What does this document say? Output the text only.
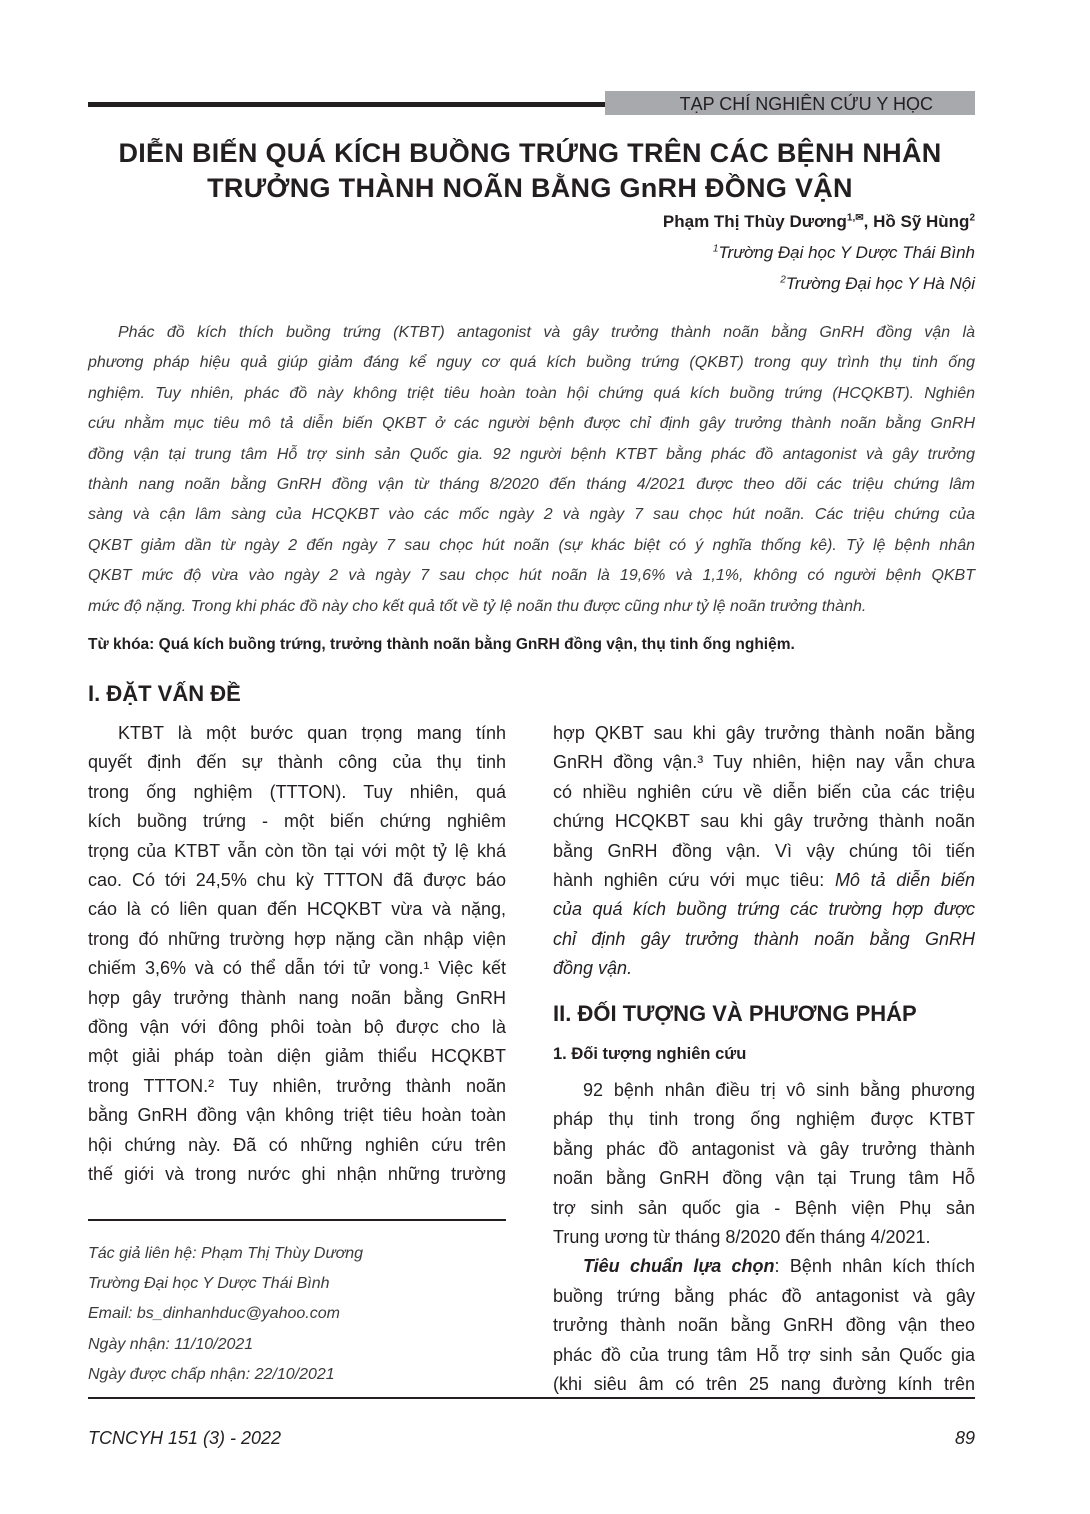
TẠP CHÍ NGHIÊN CỨU Y HỌC
DIỄN BIẾN QUÁ KÍCH BUỒNG TRỨNG TRÊN CÁC BỆNH NHÂN
TRƯỞNG THÀNH NOÃN BẰNG GnRH ĐỒNG VẬN
Phạm Thị Thùy Dương$^{1,✉}$, Hồ Sỹ Hùng$^2$
$^1$Trường Đại học Y Dược Thái Bình
$^2$Trường Đại học Y Hà Nội
Phác đồ kích thích buồng trứng (KTBT) antagonist và gây trưởng thành noãn bằng GnRH đồng vận là
phương pháp hiệu quả giúp giảm đáng kể nguy cơ quá kích buồng trứng (QKBT) trong quy trình thụ tinh ống
nghiệm. Tuy nhiên, phác đồ này không triệt tiêu hoàn toàn hội chứng quá kích buồng trứng (HCQKBT). Nghiên
cứu nhằm mục tiêu mô tả diễn biến QKBT ở các người bệnh được chỉ định gây trưởng thành noãn bằng GnRH
đồng vận tại trung tâm Hỗ trợ sinh sản Quốc gia. 92 người bệnh KTBT bằng phác đồ antagonist và gây trưởng
thành nang noãn bằng GnRH đồng vận từ tháng 8/2020 đến tháng 4/2021 được theo dõi các triệu chứng lâm
sàng và cận lâm sàng của HCQKBT vào các mốc ngày 2 và ngày 7 sau chọc hút noãn. Các triệu chứng của
QKBT giảm dần từ ngày 2 đến ngày 7 sau chọc hút noãn (sự khác biệt có ý nghĩa thống kê). Tỷ lệ bệnh nhân
QKBT mức độ vừa vào ngày 2 và ngày 7 sau chọc hút noãn là 19,6% và 1,1%, không có người bệnh QKBT
mức độ nặng. Trong khi phác đồ này cho kết quả tốt về tỷ lệ noãn thu được cũng như tỷ lệ noãn trưởng thành.
Từ khóa: Quá kích buồng trứng, trưởng thành noãn bằng GnRH đồng vận, thụ tinh ống nghiệm.
I. ĐẶT VẤN ĐỀ
KTBT là một bước quan trọng mang tính
quyết định đến sự thành công của thụ tinh
trong ống nghiệm (TTTON). Tuy nhiên, quá
kích buồng trứng - một biến chứng nghiêm
trọng của KTBT vẫn còn tồn tại với một tỷ lệ khá
cao. Có tới 24,5% chu kỳ TTTON đã được báo
cáo là có liên quan đến HCQKBT vừa và nặng,
trong đó những trường hợp nặng cần nhập viện
chiếm 3,6% và có thể dẫn tới tử vong.¹ Việc kết
hợp gây trưởng thành nang noãn bằng GnRH
đồng vận với đông phôi toàn bộ được cho là
một giải pháp toàn diện giảm thiểu HCQKBT
trong TTTON.² Tuy nhiên, trưởng thành noãn
bằng GnRH đồng vận không triệt tiêu hoàn toàn
hội chứng này. Đã có những nghiên cứu trên
thế giới và trong nước ghi nhận những trường
hợp QKBT sau khi gây trưởng thành noãn bằng
GnRH đồng vận.³ Tuy nhiên, hiện nay vẫn chưa
có nhiều nghiên cứu về diễn biến của các triệu
chứng HCQKBT sau khi gây trưởng thành noãn
bằng GnRH đồng vận. Vì vậy chúng tôi tiến
hành nghiên cứu với mục tiêu: Mô tả diễn biến
của quá kích buồng trứng các trường hợp được
chỉ định gây trưởng thành noãn bằng GnRH
đồng vận.
II. ĐỐI TƯỢNG VÀ PHƯƠNG PHÁP
1. Đối tượng nghiên cứu
92 bệnh nhân điều trị vô sinh bằng phương
pháp thụ tinh trong ống nghiệm được KTBT
bằng phác đồ antagonist và gây trưởng thành
noãn bằng GnRH đồng vận tại Trung tâm Hỗ
trợ sinh sản quốc gia - Bệnh viện Phụ sản
Trung ương từ tháng 8/2020 đến tháng 4/2021.
Tiêu chuẩn lựa chọn: Bệnh nhân kích thích
buồng trứng bằng phác đồ antagonist và gây
trưởng thành noãn bằng GnRH đồng vận theo
phác đồ của trung tâm Hỗ trợ sinh sản Quốc gia
(khi siêu âm có trên 25 nang đường kính trên
Tác giả liên hệ: Phạm Thị Thùy Dương
Trường Đại học Y Dược Thái Bình
Email: bs_dinhanhduc@yahoo.com
Ngày nhận: 11/10/2021
Ngày được chấp nhận: 22/10/2021
TCNCYH 151 (3) - 2022	89
